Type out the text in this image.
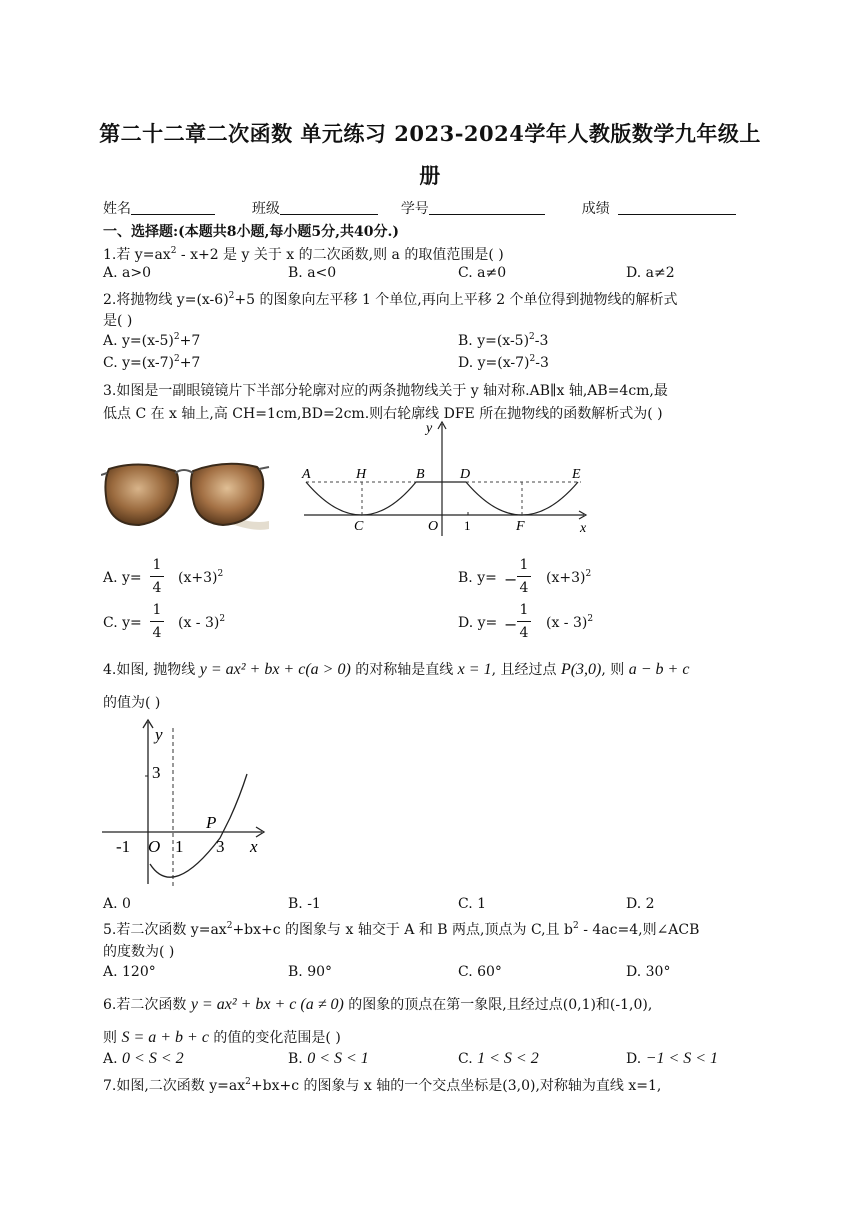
第二十二章二次函数 单元练习 2023-2024学年人教版数学九年级上
册
姓名	班级	学号	成绩
一、选择题:(本题共8小题,每小题5分,共40分.)
1.若 $y=ax^2 - x+2$ 是 y 关于 x 的二次函数,则 a 的取值范围是( )
A. a>0	B. a<0	C. a≠0	D. a≠2
2.将抛物线 $y=(x-6)^2+5$ 的图象向左平移 1 个单位,再向上平移 2 个单位得到抛物线的解析式
是( )
A. $y=(x-5)^2+7$	B. $y=(x-5)^2-3$
C. $y=(x-7)^2+7$	D. $y=(x-7)^2-3$
3.如图是一副眼镜镜片下半部分轮廓对应的两条抛物线关于 y 轴对称.AB∥x 轴,AB=4cm,最
低点 C 在 x 轴上,高 CH=1cm,BD=2cm.则右轮廓线 DFE 所在抛物线的函数解析式为( )
A	H	B	D	E
C	O 1	F	x
y
A. y=
1
4
$(x+3)^2$	B. y= −
1
4
$(x+3)^2$
C. y=
1
4
(x - 3)$^2$	D. y= −
1
4
(x - 3)$^2$
4.如图, 抛物线 y = ax² + bx + c(a > 0) 的对称轴是直线 x = 1, 且经过点 P(3,0), 则 a − b + c
的值为( )
y
3
P
-1 O 1 3 x
A. 0	B. -1	C. 1	D. 2
5.若二次函数 $y=ax^2+bx+c$ 的图象与 x 轴交于 A 和 B 两点,顶点为 C,且 $b^2 - 4ac=4$,则∠ACB
的度数为( )
A. 120°	B. 90°	C. 60°	D. 30°
6.若二次函数 y = ax² + bx + c (a ≠ 0) 的图象的顶点在第一象限,且经过点(0,1)和(-1,0),
则 S = a + b + c 的值的变化范围是( )
A. 0 < S < 2	B. 0 < S < 1	C. 1 < S < 2	D. −1 < S < 1
7.如图,二次函数 $y=ax^2+bx+c$ 的图象与 x 轴的一个交点坐标是(3,0),对称轴为直线 x=1,
